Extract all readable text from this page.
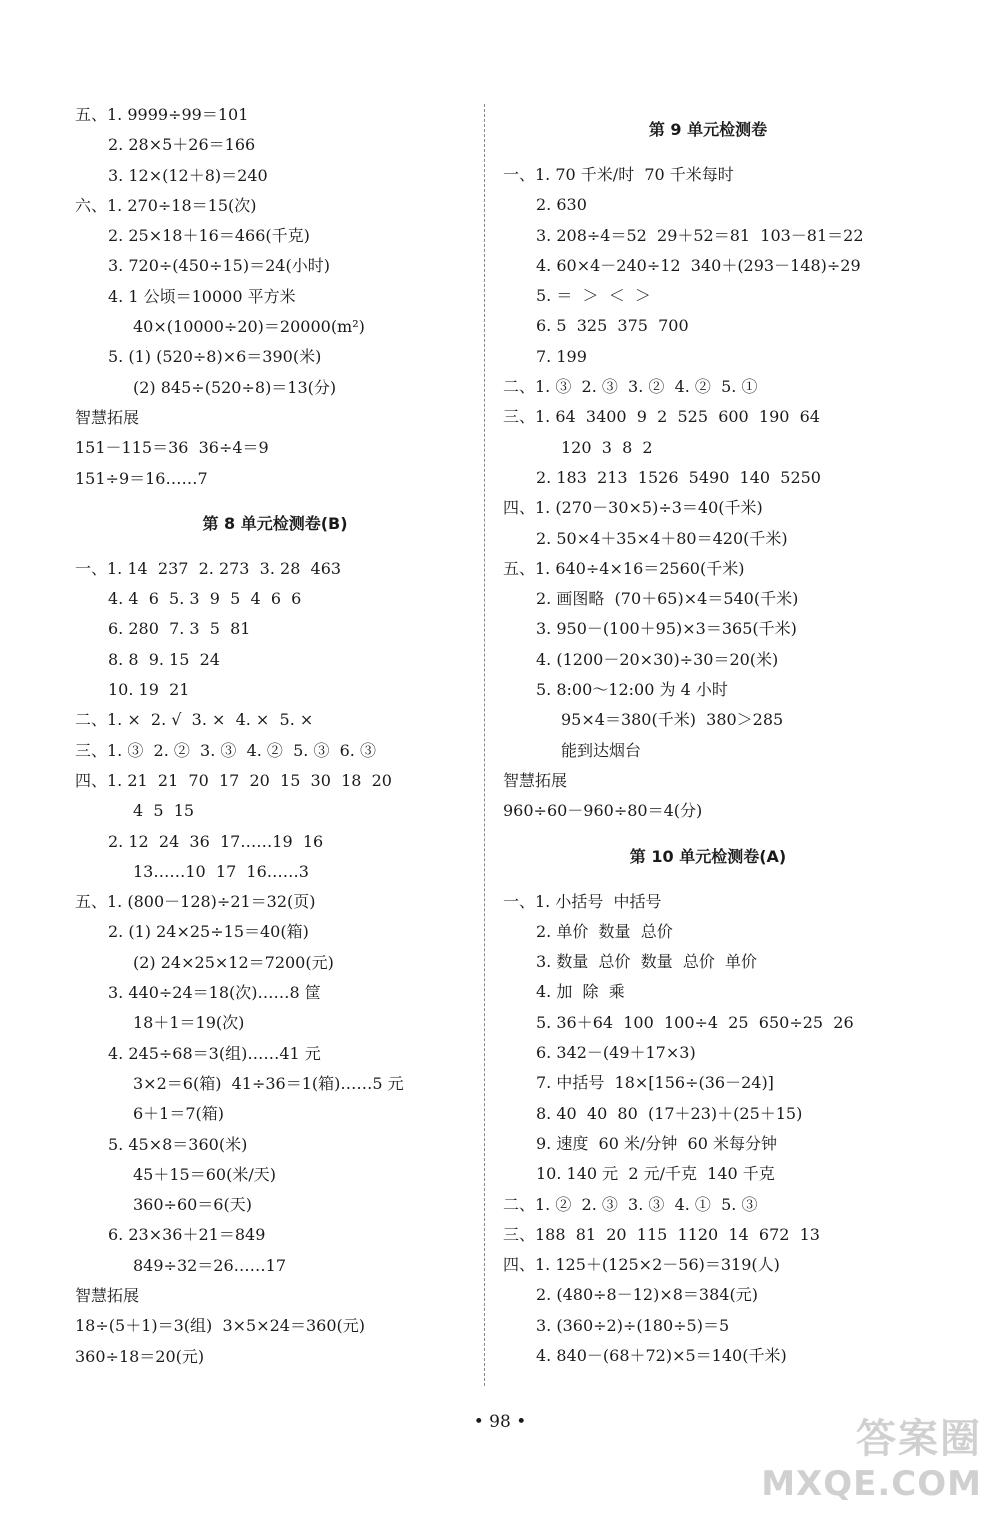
五、1. 9999÷99＝101
2. 28×5＋26＝166
3. 12×(12＋8)＝240
六、1. 270÷18＝15(次)
2. 25×18＋16＝466(千克)
3. 720÷(450÷15)＝24(小时)
4. 1 公顷＝10000 平方米
40×(10000÷20)＝20000(m²)
5. (1) (520÷8)×6＝390(米)
(2) 845÷(520÷8)＝13(分)
智慧拓展
151－115＝36  36÷4＝9
151÷9＝16……7
第 8 单元检测卷(B)
一、1. 14  237  2. 273  3. 28  463
4. 4  6  5. 3  9  5  4  6  6
6. 280  7. 3  5  81
8. 8  9. 15  24
10. 19  21
二、1. ×  2. √  3. ×  4. ×  5. ×
三、1. ③  2. ②  3. ③  4. ②  5. ③  6. ③
四、1. 21  21  70  17  20  15  30  18  20
4  5  15
2. 12  24  36  17……19  16
13……10  17  16……3
五、1. (800－128)÷21＝32(页)
2. (1) 24×25÷15＝40(箱)
(2) 24×25×12＝7200(元)
3. 440÷24＝18(次)……8 筐
18＋1＝19(次)
4. 245÷68＝3(组)……41 元
3×2＝6(箱)  41÷36＝1(箱)……5 元
6＋1＝7(箱)
5. 45×8＝360(米)
45＋15＝60(米/天)
360÷60＝6(天)
6. 23×36＋21＝849
849÷32＝26……17
智慧拓展
18÷(5＋1)＝3(组)  3×5×24＝360(元)
360÷18＝20(元)
第 9 单元检测卷
一、1. 70 千米/时  70 千米每时
2. 630
3. 208÷4＝52  29＋52＝81  103－81＝22
4. 60×4－240÷12  340＋(293－148)÷29
5. ＝  ＞  ＜  ＞
6. 5  325  375  700
7. 199
二、1. ③  2. ③  3. ②  4. ②  5. ①
三、1. 64  3400  9  2  525  600  190  64
120  3  8  2
2. 183  213  1526  5490  140  5250
四、1. (270－30×5)÷3＝40(千米)
2. 50×4＋35×4＋80＝420(千米)
五、1. 640÷4×16＝2560(千米)
2. 画图略  (70＋65)×4＝540(千米)
3. 950－(100＋95)×3＝365(千米)
4. (1200－20×30)÷30＝20(米)
5. 8:00～12:00 为 4 小时
95×4＝380(千米)  380＞285
能到达烟台
智慧拓展
960÷60－960÷80＝4(分)
第 10 单元检测卷(A)
一、1. 小括号  中括号
2. 单价  数量  总价
3. 数量  总价  数量  总价  单价
4. 加  除  乘
5. 36＋64  100  100÷4  25  650÷25  26
6. 342－(49＋17×3)
7. 中括号  18×[156÷(36－24)]
8. 40  40  80  (17＋23)＋(25＋15)
9. 速度  60 米/分钟  60 米每分钟
10. 140 元  2 元/千克  140 千克
二、1. ②  2. ③  3. ③  4. ①  5. ③
三、188  81  20  115  1120  14  672  13
四、1. 125＋(125×2－56)＝319(人)
2. (480÷8－12)×8＝384(元)
3. (360÷2)÷(180÷5)＝5
4. 840－(68＋72)×5＝140(千米)
• 98 •	答案圈
MXQE.COM
